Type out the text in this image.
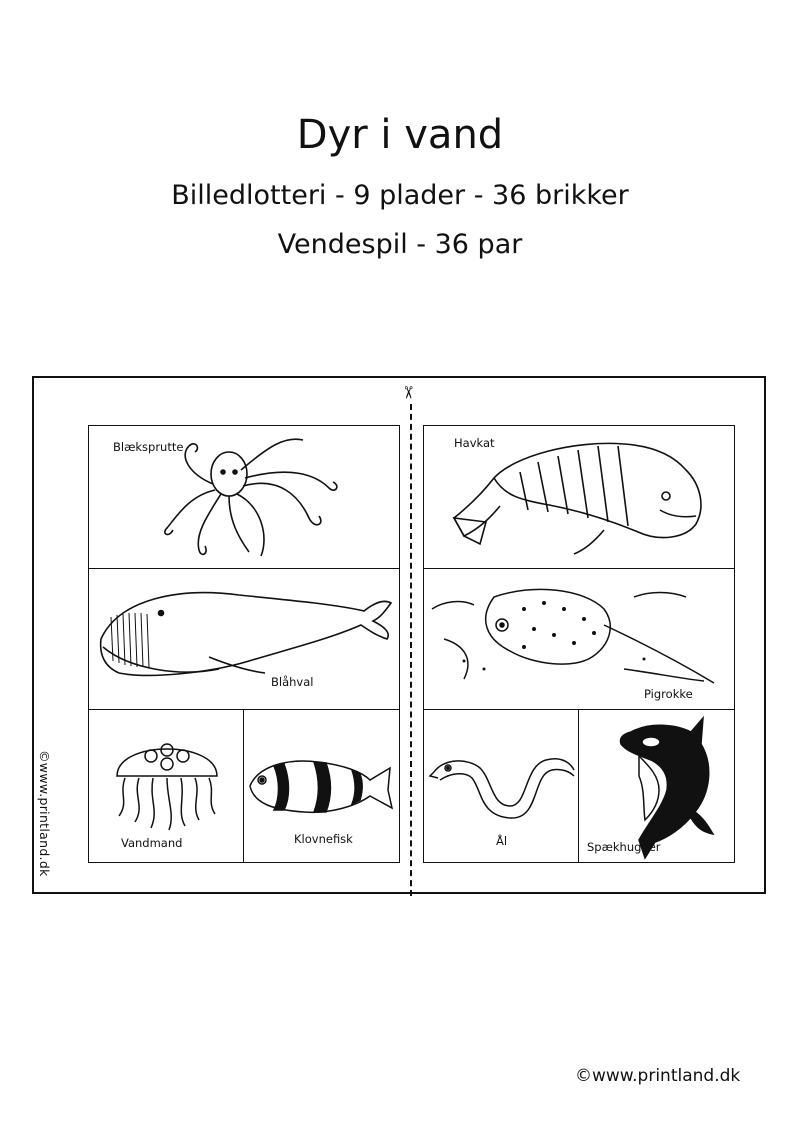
Dyr i vand
Billedlotteri - 9 plader - 36 brikker
Vendespil - 36 par
✂
©www.printland.dk
Blæksprutte
Blåhval
Vandmand	Klovnefisk
Havkat
Pigrokke
Ål	Spækhugger
©www.printland.dk
